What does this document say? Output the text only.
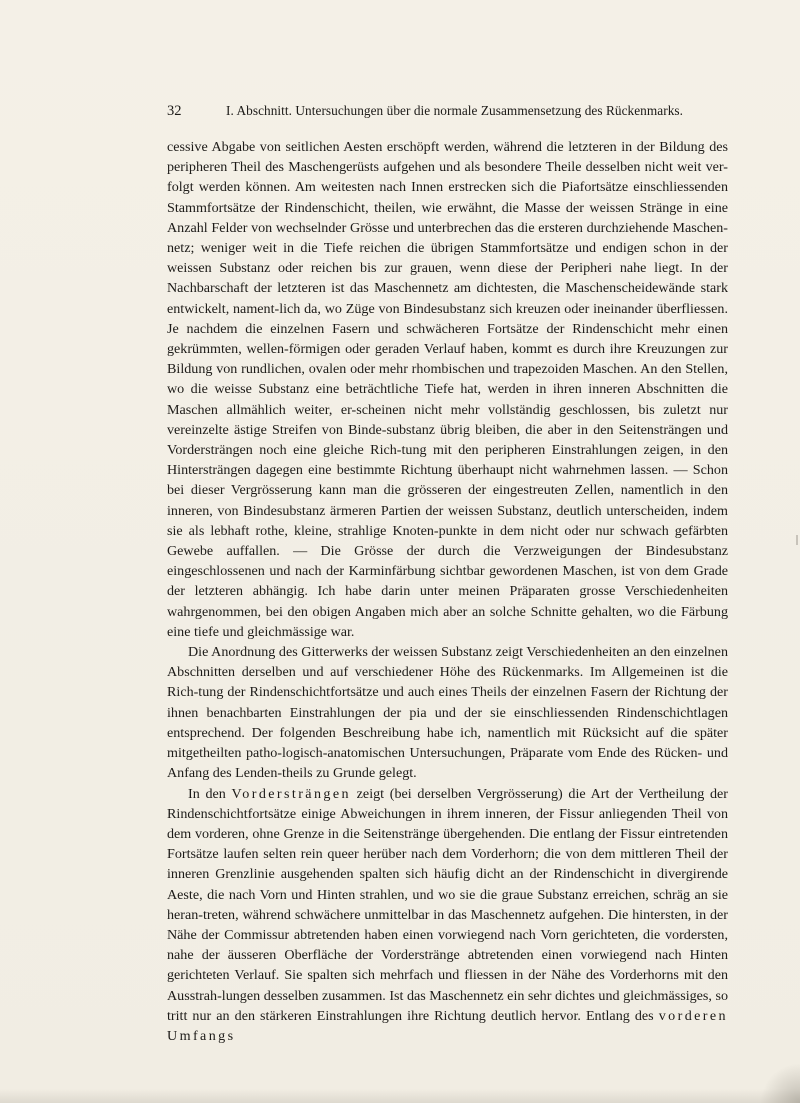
32	I. Abschnitt. Untersuchungen über die normale Zusammensetzung des Rückenmarks.

cessive Abgabe von seitlichen Aesten erschöpft werden, während die letzteren in der Bildung des peripheren Theil des Maschengerüsts aufgehen und als besondere Theile desselben nicht weit ver-folgt werden können. Am weitesten nach Innen erstrecken sich die Piafortsätze einschliessenden Stammfortsätze der Rindenschicht, theilen, wie erwähnt, die Masse der weissen Stränge in eine Anzahl Felder von wechselnder Grösse und unterbrechen das die ersteren durchziehende Maschen-netz; weniger weit in die Tiefe reichen die übrigen Stammfortsätze und endigen schon in der weissen Substanz oder reichen bis zur grauen, wenn diese der Peripheri nahe liegt. In der Nachbarschaft der letzteren ist das Maschennetz am dichtesten, die Maschenscheidewände stark entwickelt, nament-lich da, wo Züge von Bindesubstanz sich kreuzen oder ineinander überfliessen. Je nachdem die einzelnen Fasern und schwächeren Fortsätze der Rindenschicht mehr einen gekrümmten, wellen-förmigen oder geraden Verlauf haben, kommt es durch ihre Kreuzungen zur Bildung von rundlichen, ovalen oder mehr rhombischen und trapezoiden Maschen. An den Stellen, wo die weisse Substanz eine beträchtliche Tiefe hat, werden in ihren inneren Abschnitten die Maschen allmählich weiter, er-scheinen nicht mehr vollständig geschlossen, bis zuletzt nur vereinzelte ästige Streifen von Binde-substanz übrig bleiben, die aber in den Seitensträngen und Vordersträngen noch eine gleiche Rich-tung mit den peripheren Einstrahlungen zeigen, in den Hintersträngen dagegen eine bestimmte Richtung überhaupt nicht wahrnehmen lassen. — Schon bei dieser Vergrösserung kann man die grösseren der eingestreuten Zellen, namentlich in den inneren, von Bindesubstanz ärmeren Partien der weissen Substanz, deutlich unterscheiden, indem sie als lebhaft rothe, kleine, strahlige Knoten-punkte in dem nicht oder nur schwach gefärbten Gewebe auffallen. — Die Grösse der durch die Verzweigungen der Bindesubstanz eingeschlossenen und nach der Karminfärbung sichtbar gewordenen Maschen, ist von dem Grade der letzteren abhängig. Ich habe darin unter meinen Präparaten grosse Verschiedenheiten wahrgenommen, bei den obigen Angaben mich aber an solche Schnitte gehalten, wo die Färbung eine tiefe und gleichmässige war.

Die Anordnung des Gitterwerks der weissen Substanz zeigt Verschiedenheiten an den einzelnen Abschnitten derselben und auf verschiedener Höhe des Rückenmarks. Im Allgemeinen ist die Rich-tung der Rindenschichtfortsätze und auch eines Theils der einzelnen Fasern der Richtung der ihnen benachbarten Einstrahlungen der pia und der sie einschliessenden Rindenschichtlagen entsprechend. Der folgenden Beschreibung habe ich, namentlich mit Rücksicht auf die später mitgetheilten patho-logisch-anatomischen Untersuchungen, Präparate vom Ende des Rücken- und Anfang des Lenden-theils zu Grunde gelegt.

In den Vordersträngen zeigt (bei derselben Vergrösserung) die Art der Vertheilung der Rindenschichtfortsätze einige Abweichungen in ihrem inneren, der Fissur anliegenden Theil von dem vorderen, ohne Grenze in die Seitenstränge übergehenden. Die entlang der Fissur eintretenden Fortsätze laufen selten rein queer herüber nach dem Vorderhorn; die von dem mittleren Theil der inneren Grenzlinie ausgehenden spalten sich häufig dicht an der Rindenschicht in divergirende Aeste, die nach Vorn und Hinten strahlen, und wo sie die graue Substanz erreichen, schräg an sie heran-treten, während schwächere unmittelbar in das Maschennetz aufgehen. Die hintersten, in der Nähe der Commissur abtretenden haben einen vorwiegend nach Vorn gerichteten, die vordersten, nahe der äusseren Oberfläche der Vorderstränge abtretenden einen vorwiegend nach Hinten gerichteten Verlauf. Sie spalten sich mehrfach und fliessen in der Nähe des Vorderhorns mit den Ausstrah-lungen desselben zusammen. Ist das Maschennetz ein sehr dichtes und gleichmässiges, so tritt nur an den stärkeren Einstrahlungen ihre Richtung deutlich hervor. Entlang des vorderen Umfangs
